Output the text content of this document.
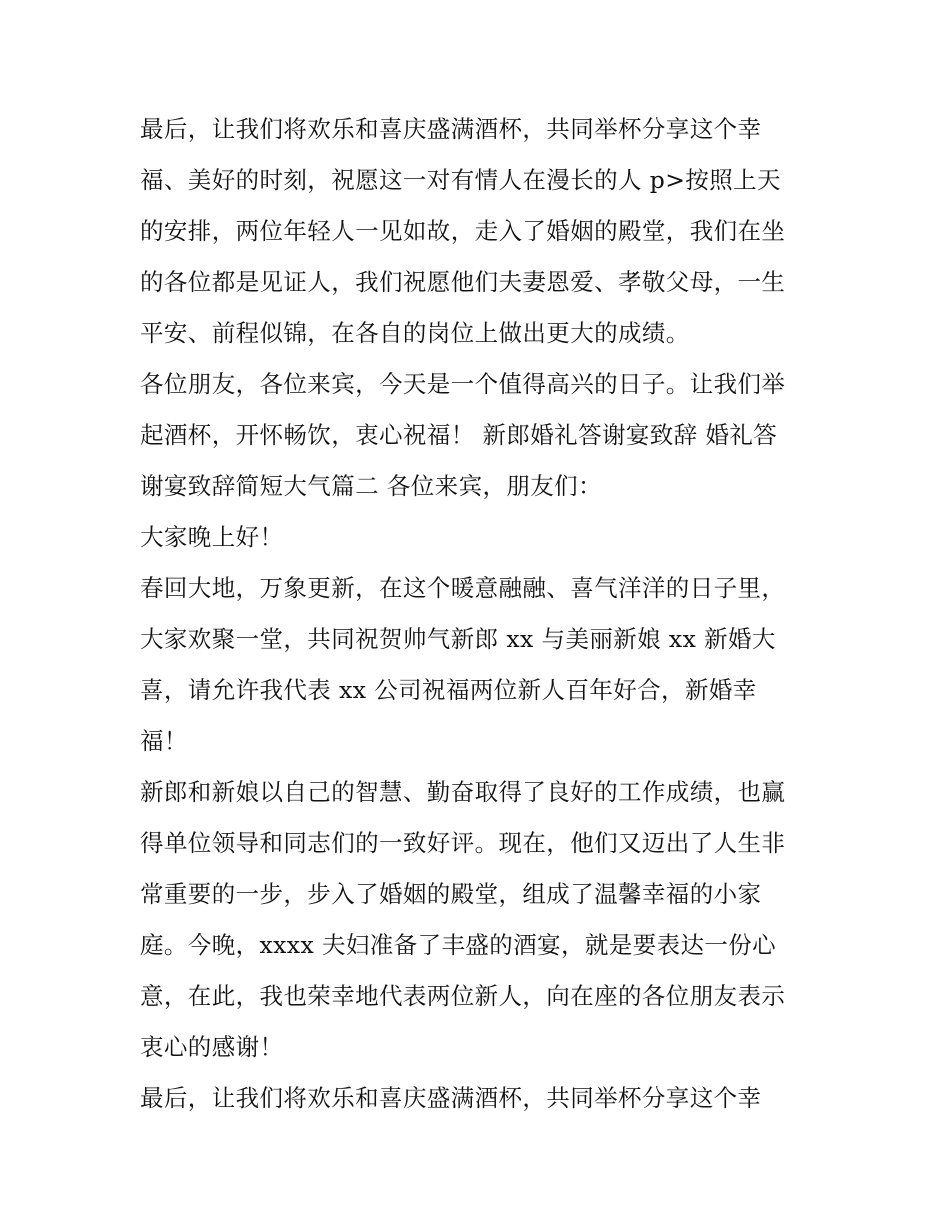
最后，让我们将欢乐和喜庆盛满酒杯，共同举杯分享这个幸
福、美好的时刻，祝愿这一对有情人在漫长的人 p>按照上天
的安排，两位年轻人一见如故，走入了婚姻的殿堂，我们在坐
的各位都是见证人，我们祝愿他们夫妻恩爱、孝敬父母，一生
平安、前程似锦，在各自的岗位上做出更大的成绩。
各位朋友，各位来宾，今天是一个值得高兴的日子。让我们举
起酒杯，开怀畅饮，衷心祝福！ 新郎婚礼答谢宴致辞 婚礼答
谢宴致辞简短大气篇二 各位来宾，朋友们：
大家晚上好！
春回大地，万象更新，在这个暖意融融、喜气洋洋的日子里，
大家欢聚一堂，共同祝贺帅气新郎 xx 与美丽新娘 xx 新婚大
喜，请允许我代表 xx 公司祝福两位新人百年好合，新婚幸
福！
新郎和新娘以自己的智慧、勤奋取得了良好的工作成绩，也赢
得单位领导和同志们的一致好评。现在，他们又迈出了人生非
常重要的一步，步入了婚姻的殿堂，组成了温馨幸福的小家
庭。今晚，xxxx 夫妇准备了丰盛的酒宴，就是要表达一份心
意，在此，我也荣幸地代表两位新人，向在座的各位朋友表示
衷心的感谢！
最后，让我们将欢乐和喜庆盛满酒杯，共同举杯分享这个幸
